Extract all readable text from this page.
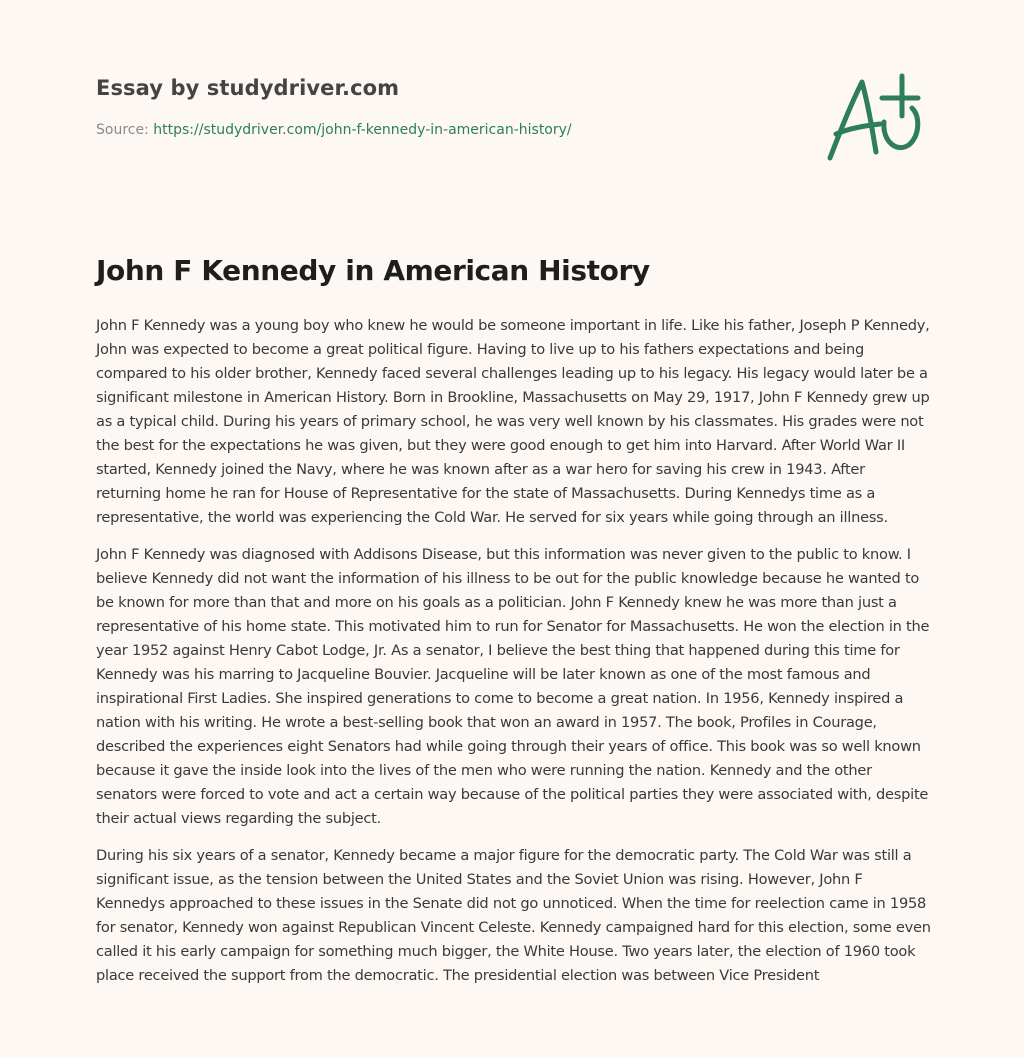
Essay by studydriver.com
Source: https://studydriver.com/john-f-kennedy-in-american-history/
John F Kennedy in American History

John F Kennedy was a young boy who knew he would be someone important in life. Like his father, Joseph P Kennedy, John was expected to become a great political figure. Having to live up to his fathers expectations and being compared to his older brother, Kennedy faced several challenges leading up to his legacy. His legacy would later be a significant milestone in American History. Born in Brookline, Massachusetts on May 29, 1917, John F Kennedy grew up as a typical child. During his years of primary school, he was very well known by his classmates. His grades were not the best for the expectations he was given, but they were good enough to get him into Harvard. After World War II started, Kennedy joined the Navy, where he was known after as a war hero for saving his crew in 1943. After returning home he ran for House of Representative for the state of Massachusetts. During Kennedys time as a representative, the world was experiencing the Cold War. He served for six years while going through an illness.

John F Kennedy was diagnosed with Addisons Disease, but this information was never given to the public to know. I believe Kennedy did not want the information of his illness to be out for the public knowledge because he wanted to be known for more than that and more on his goals as a politician. John F Kennedy knew he was more than just a representative of his home state. This motivated him to run for Senator for Massachusetts. He won the election in the year 1952 against Henry Cabot Lodge, Jr. As a senator, I believe the best thing that happened during this time for Kennedy was his marring to Jacqueline Bouvier. Jacqueline will be later known as one of the most famous and inspirational First Ladies. She inspired generations to come to become a great nation. In 1956, Kennedy inspired a nation with his writing. He wrote a best-selling book that won an award in 1957. The book, Profiles in Courage, described the experiences eight Senators had while going through their years of office. This book was so well known because it gave the inside look into the lives of the men who were running the nation. Kennedy and the other senators were forced to vote and act a certain way because of the political parties they were associated with, despite their actual views regarding the subject.

During his six years of a senator, Kennedy became a major figure for the democratic party. The Cold War was still a significant issue, as the tension between the United States and the Soviet Union was rising. However, John F Kennedys approached to these issues in the Senate did not go unnoticed. When the time for reelection came in 1958 for senator, Kennedy won against Republican Vincent Celeste. Kennedy campaigned hard for this election, some even called it his early campaign for something much bigger, the White House. Two years later, the election of 1960 took place received the support from the democratic. The presidential election was between Vice President
